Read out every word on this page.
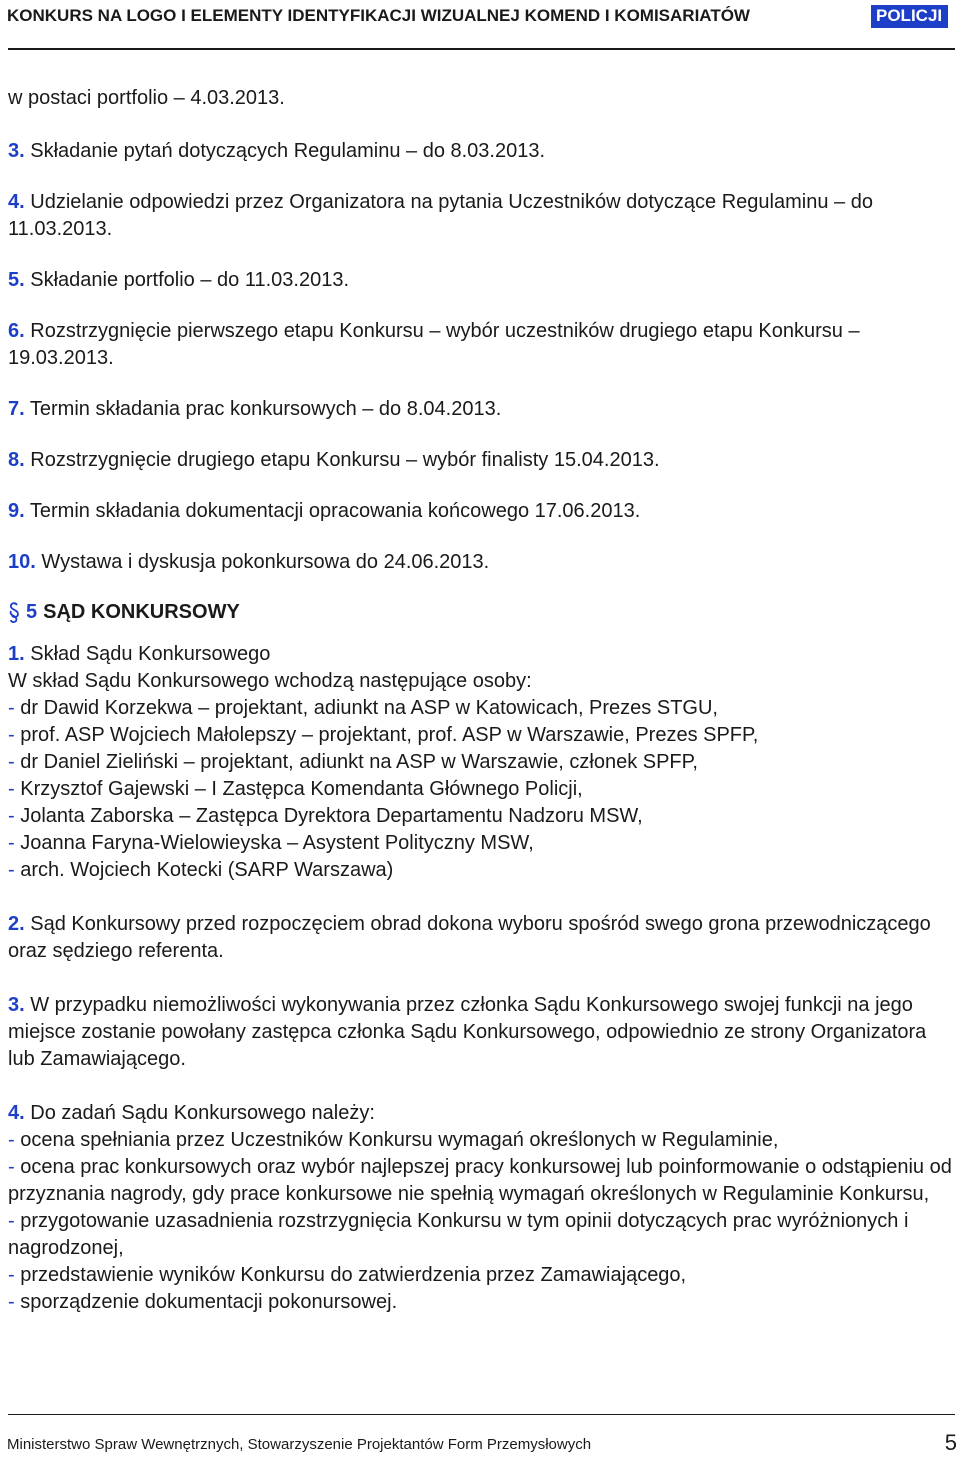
KONKURS NA LOGO I ELEMENTY IDENTYFIKACJI WIZUALNEJ KOMEND I KOMISARIATÓW	POLICJI

w postaci portfolio – 4.03.2013.

3. Składanie pytań dotyczących Regulaminu – do 8.03.2013.

4. Udzielanie odpowiedzi przez Organizatora na pytania Uczestników dotyczące Regulaminu – do 11.03.2013.

5. Składanie portfolio – do 11.03.2013.

6. Rozstrzygnięcie pierwszego etapu Konkursu – wybór uczestników drugiego etapu Konkursu – 19.03.2013.

7. Termin składania prac konkursowych – do 8.04.2013.

8. Rozstrzygnięcie drugiego etapu Konkursu – wybór finalisty 15.04.2013.

9. Termin składania dokumentacji opracowania końcowego 17.06.2013.

10. Wystawa i dyskusja pokonkursowa do 24.06.2013.

5 SĄD KONKURSOWY

1. Skład Sądu Konkursowego

W skład Sądu Konkursowego wchodzą następujące osoby:

- dr Dawid Korzekwa – projektant, adiunkt na ASP w Katowicach, Prezes STGU,

- prof. ASP Wojciech Małolepszy – projektant, prof. ASP w Warszawie, Prezes SPFP,

- dr Daniel Zieliński – projektant, adiunkt na ASP w Warszawie, członek SPFP,

- Krzysztof Gajewski – I Zastępca Komendanta Głównego Policji,

- Jolanta Zaborska – Zastępca Dyrektora Departamentu Nadzoru MSW,

- Joanna Faryna-Wielowieyska – Asystent Polityczny MSW,

- arch. Wojciech Kotecki (SARP Warszawa)

2. Sąd Konkursowy przed rozpoczęciem obrad dokona wyboru spośród swego grona przewodniczącego oraz sędziego referenta.

3. W przypadku niemożliwości wykonywania przez członka Sądu Konkursowego swojej funkcji na jego miejsce zostanie powołany zastępca członka Sądu Konkursowego, odpowiednio ze strony Organizatora lub Zamawiającego.

4. Do zadań Sądu Konkursowego należy:

- ocena spełniania przez Uczestników Konkursu wymagań określonych w Regulaminie,

- ocena prac konkursowych oraz wybór najlepszej pracy konkursowej lub poinformowanie o odstąpieniu od przyznania nagrody, gdy prace konkursowe nie spełnią wymagań określonych w Regulaminie Konkursu,

- przygotowanie uzasadnienia rozstrzygnięcia Konkursu w tym opinii dotyczących prac wyróżnionych i nagrodzonej,

- przedstawienie wyników Konkursu do zatwierdzenia przez Zamawiającego,

- sporządzenie dokumentacji pokonursowej.

Ministerstwo Spraw Wewnętrznych, Stowarzyszenie Projektantów Form Przemysłowych	5
